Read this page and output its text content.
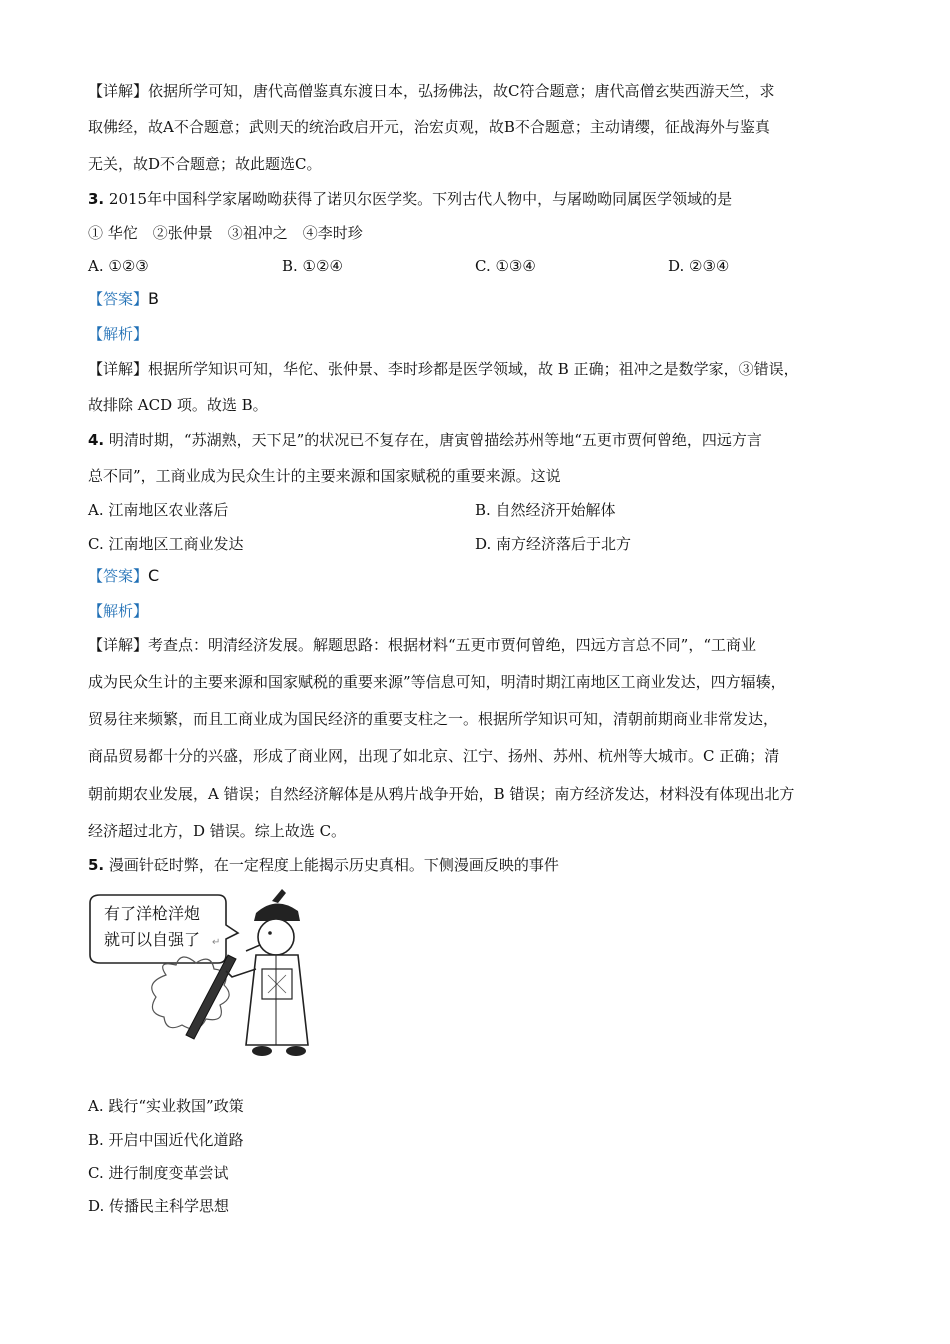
【详解】依据所学可知，唐代高僧鉴真东渡日本，弘扬佛法，故C符合题意；唐代高僧玄奘西游天竺，求
取佛经，故A不合题意；武则天的统治政启开元，治宏贞观，故B不合题意；主动请缨，征战海外与鉴真
无关，故D不合题意；故此题选C。
3. 2015年中国科学家屠呦呦获得了诺贝尔医学奖。下列古代人物中，与屠呦呦同属医学领域的是
① 华佗　②张仲景　③祖冲之　④李时珍
A. ①②③	B. ①②④	C. ①③④	D. ②③④
【答案】B
【解析】
【详解】根据所学知识可知，华佗、张仲景、李时珍都是医学领域，故 B 正确；祖冲之是数学家，③错误，
故排除 ACD 项。故选 B。
4. 明清时期，“苏湖熟，天下足”的状况已不复存在，唐寅曾描绘苏州等地“五更市贾何曾绝，四远方言
总不同”，工商业成为民众生计的主要来源和国家赋税的重要来源。这说
A. 江南地区农业落后	B. 自然经济开始解体
C. 江南地区工商业发达	D. 南方经济落后于北方
【答案】C
【解析】
【详解】考查点：明清经济发展。解题思路：根据材料“五更市贾何曾绝，四远方言总不同”，“工商业
成为民众生计的主要来源和国家赋税的重要来源”等信息可知，明清时期江南地区工商业发达，四方辐辏，
贸易往来频繁，而且工商业成为国民经济的重要支柱之一。根据所学知识可知，清朝前期商业非常发达，
商品贸易都十分的兴盛，形成了商业网，出现了如北京、江宁、扬州、苏州、杭州等大城市。C 正确；清
朝前期农业发展，A 错误；自然经济解体是从鸦片战争开始，B 错误；南方经济发达，材料没有体现出北方
经济超过北方，D 错误。综上故选 C。
5. 漫画针砭时弊，在一定程度上能揭示历史真相。下侧漫画反映的事件
有了洋枪洋炮
就可以自强了 ↵
A. 践行“实业救国”政策
B. 开启中国近代化道路
C. 进行制度变革尝试
D. 传播民主科学思想
